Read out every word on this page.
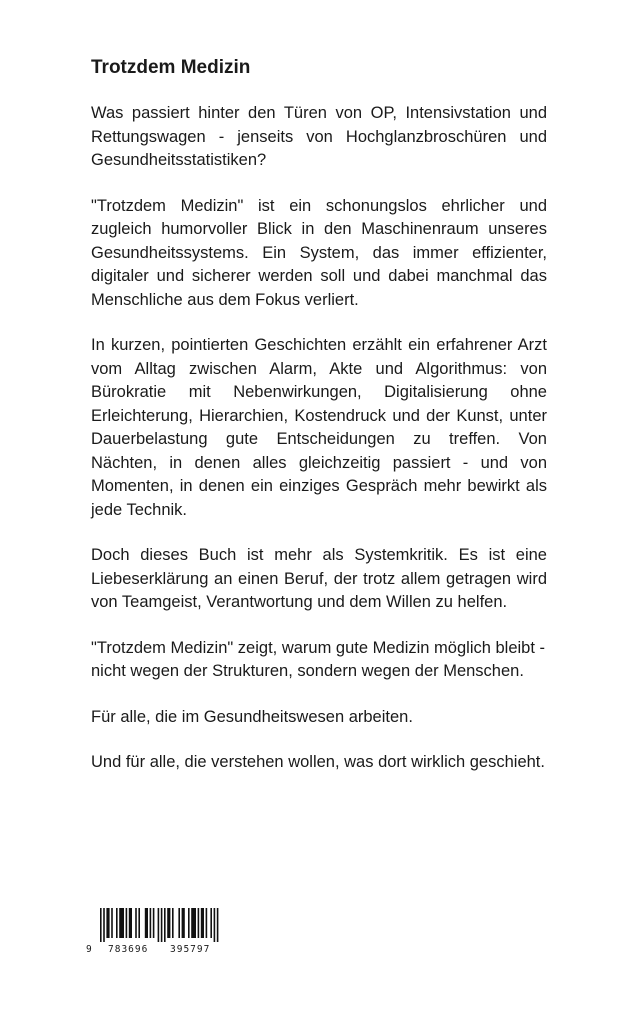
Trotzdem Medizin

Was passiert hinter den Türen von OP, Intensivstation und Rettungswagen - jenseits von Hochglanzbroschüren und Gesundheitsstatistiken?

"Trotzdem Medizin" ist ein schonungslos ehrlicher und zugleich humorvoller Blick in den Maschinenraum unseres Gesundheitssystems. Ein System, das immer effizienter, digitaler und sicherer werden soll und dabei manchmal das Menschliche aus dem Fokus verliert.

In kurzen, pointierten Geschichten erzählt ein erfahrener Arzt vom Alltag zwischen Alarm, Akte und Algorithmus: von Bürokratie mit Nebenwirkungen, Digitalisierung ohne Erleichterung, Hierarchien, Kostendruck und der Kunst, unter Dauerbelastung gute Entscheidungen zu treffen. Von Nächten, in denen alles gleichzeitig passiert - und von Momenten, in denen ein einziges Gespräch mehr bewirkt als jede Technik.

Doch dieses Buch ist mehr als Systemkritik. Es ist eine Liebeserklärung an einen Beruf, der trotz allem getragen wird von Teamgeist, Verantwortung und dem Willen zu helfen.

"Trotzdem Medizin" zeigt, warum gute Medizin möglich bleibt - nicht wegen der Strukturen, sondern wegen der Menschen.

Für alle, die im Gesundheitswesen arbeiten.

Und für alle, die verstehen wollen, was dort wirklich geschieht.

9 783696 395797
